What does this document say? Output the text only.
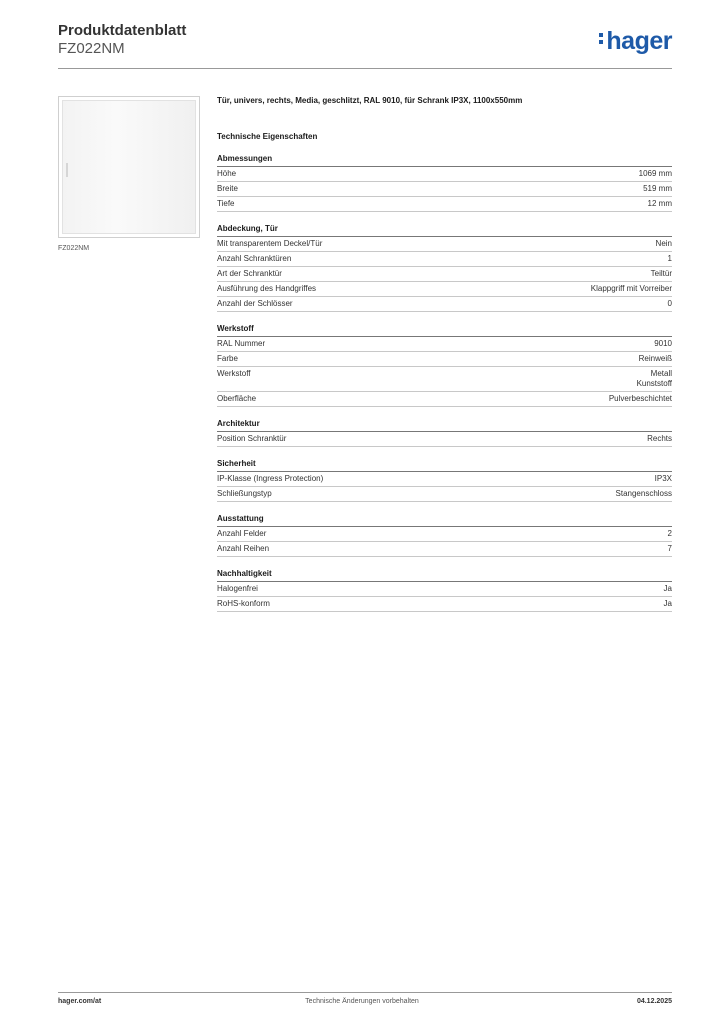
Produktdatenblatt
FZ022NM	hager
FZ022NM
Tür, univers, rechts, Media, geschlitzt, RAL 9010, für Schrank IP3X, 1100x550mm
Technische Eigenschaften
Abmessungen
Höhe	1069 mm
Breite	519 mm
Tiefe	12 mm
Abdeckung, Tür
Mit transparentem Deckel/Tür	Nein
Anzahl Schranktüren	1
Art der Schranktür	Teiltür
Ausführung des Handgriffes	Klappgriff mit Vorreiber
Anzahl der Schlösser	0
Werkstoff
RAL Nummer	9010
Farbe	Reinweiß
Werkstoff	Metall
Kunststoff
Oberfläche	Pulverbeschichtet
Architektur
Position Schranktür	Rechts
Sicherheit
IP-Klasse (Ingress Protection)	IP3X
Schließungstyp	Stangenschloss
Ausstattung
Anzahl Felder	2
Anzahl Reihen	7
Nachhaltigkeit
Halogenfrei	Ja
RoHS-konform	Ja
hager.com/at	Technische Änderungen vorbehalten	04.12.2025
